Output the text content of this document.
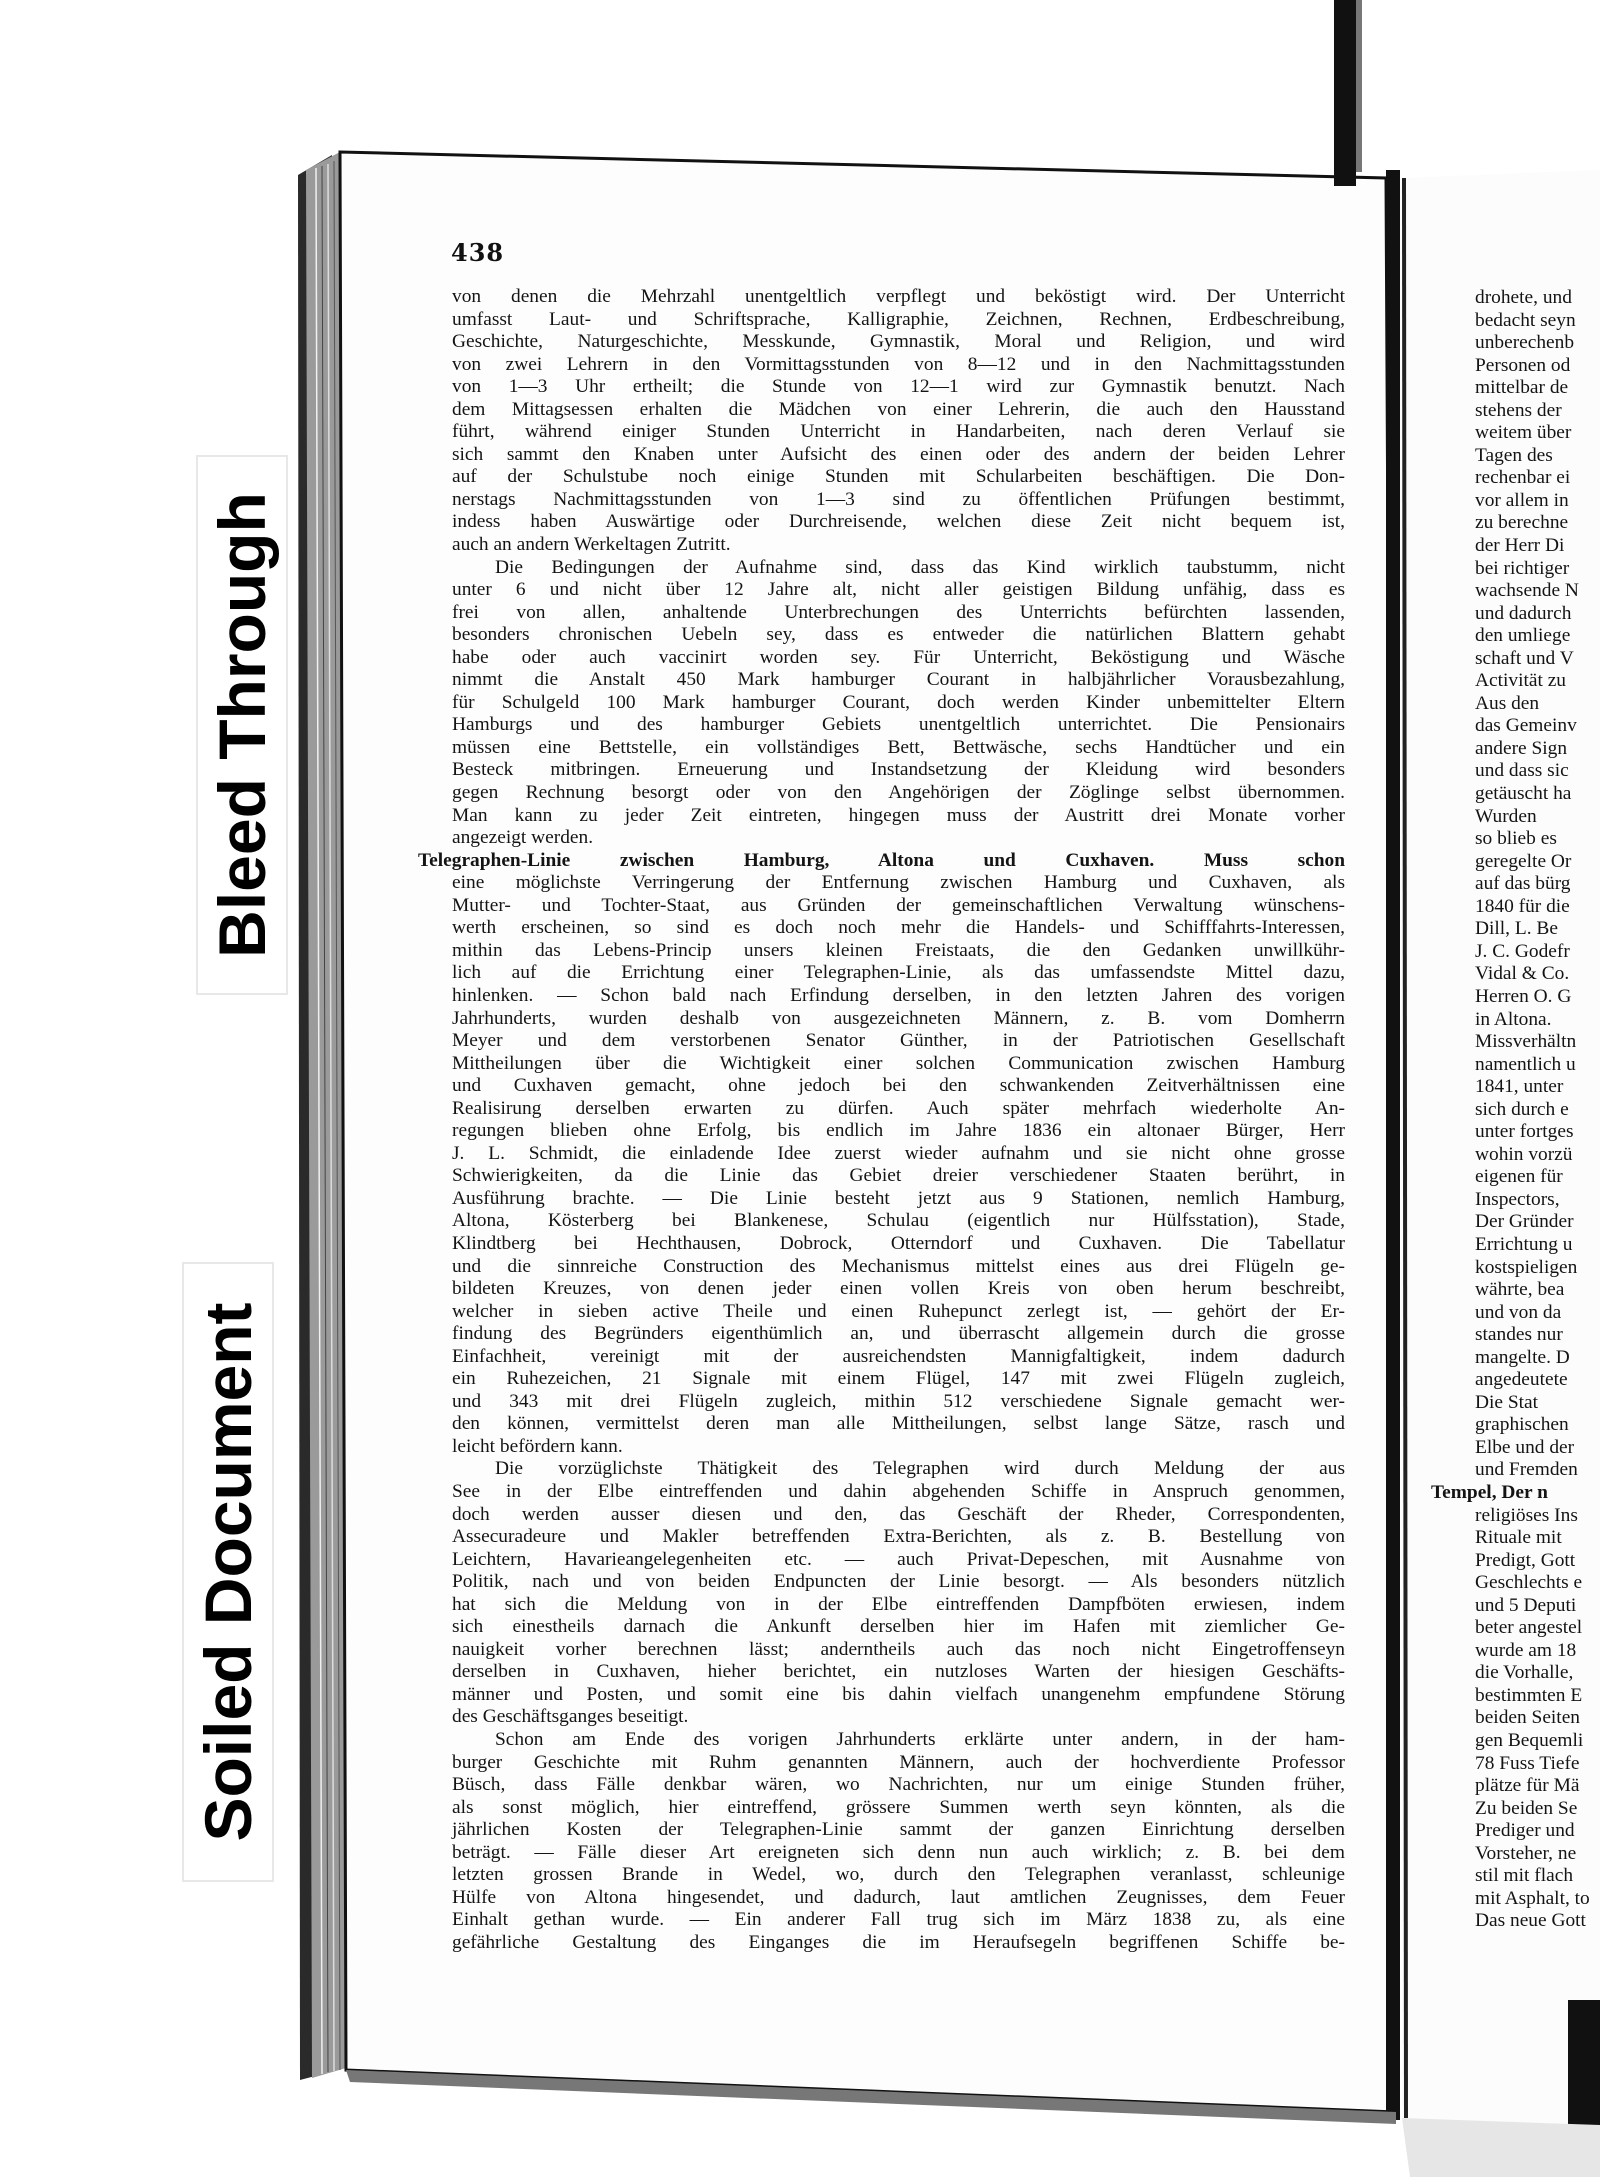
Bleed Through
Soiled Document
438
von denen die Mehrzahl unentgeltlich verpflegt und beköstigt wird. Der Unterricht
umfasst Laut- und Schriftsprache, Kalligraphie, Zeichnen, Rechnen, Erdbeschreibung,
Geschichte, Naturgeschichte, Messkunde, Gymnastik, Moral und Religion, und wird
von zwei Lehrern in den Vormittagsstunden von 8—12 und in den Nachmittagsstunden
von 1—3 Uhr ertheilt; die Stunde von 12—1 wird zur Gymnastik benutzt. Nach
dem Mittagsessen erhalten die Mädchen von einer Lehrerin, die auch den Hausstand
führt, während einiger Stunden Unterricht in Handarbeiten, nach deren Verlauf sie
sich sammt den Knaben unter Aufsicht des einen oder des andern der beiden Lehrer
auf der Schulstube noch einige Stunden mit Schularbeiten beschäftigen. Die Don-
nerstags Nachmittagsstunden von 1—3 sind zu öffentlichen Prüfungen bestimmt,
indess haben Auswärtige oder Durchreisende, welchen diese Zeit nicht bequem ist,
auch an andern Werkeltagen Zutritt.
Die Bedingungen der Aufnahme sind, dass das Kind wirklich taubstumm, nicht
unter 6 und nicht über 12 Jahre alt, nicht aller geistigen Bildung unfähig, dass es
frei von allen, anhaltende Unterbrechungen des Unterrichts befürchten lassenden,
besonders chronischen Uebeln sey, dass es entweder die natürlichen Blattern gehabt
habe oder auch vaccinirt worden sey. Für Unterricht, Beköstigung und Wäsche
nimmt die Anstalt 450 Mark hamburger Courant in halbjährlicher Vorausbezahlung,
für Schulgeld 100 Mark hamburger Courant, doch werden Kinder unbemittelter Eltern
Hamburgs und des hamburger Gebiets unentgeltlich unterrichtet. Die Pensionairs
müssen eine Bettstelle, ein vollständiges Bett, Bettwäsche, sechs Handtücher und ein
Besteck mitbringen. Erneuerung und Instandsetzung der Kleidung wird besonders
gegen Rechnung besorgt oder von den Angehörigen der Zöglinge selbst übernommen.
Man kann zu jeder Zeit eintreten, hingegen muss der Austritt drei Monate vorher
angezeigt werden.
Telegraphen-Linie zwischen Hamburg, Altona und Cuxhaven. Muss schon
eine möglichste Verringerung der Entfernung zwischen Hamburg und Cuxhaven, als
Mutter- und Tochter-Staat, aus Gründen der gemeinschaftlichen Verwaltung wünschens-
werth erscheinen, so sind es doch noch mehr die Handels- und Schifffahrts-Interessen,
mithin das Lebens-Princip unsers kleinen Freistaats, die den Gedanken unwillkühr-
lich auf die Errichtung einer Telegraphen-Linie, als das umfassendste Mittel dazu,
hinlenken. — Schon bald nach Erfindung derselben, in den letzten Jahren des vorigen
Jahrhunderts, wurden deshalb von ausgezeichneten Männern, z. B. vom Domherrn
Meyer und dem verstorbenen Senator Günther, in der Patriotischen Gesellschaft
Mittheilungen über die Wichtigkeit einer solchen Communication zwischen Hamburg
und Cuxhaven gemacht, ohne jedoch bei den schwankenden Zeitverhältnissen eine
Realisirung derselben erwarten zu dürfen. Auch später mehrfach wiederholte An-
regungen blieben ohne Erfolg, bis endlich im Jahre 1836 ein altonaer Bürger, Herr
J. L. Schmidt, die einladende Idee zuerst wieder aufnahm und sie nicht ohne grosse
Schwierigkeiten, da die Linie das Gebiet dreier verschiedener Staaten berührt, in
Ausführung brachte. — Die Linie besteht jetzt aus 9 Stationen, nemlich Hamburg,
Altona, Kösterberg bei Blankenese, Schulau (eigentlich nur Hülfsstation), Stade,
Klindtberg bei Hechthausen, Dobrock, Otterndorf und Cuxhaven. Die Tabellatur
und die sinnreiche Construction des Mechanismus mittelst eines aus drei Flügeln ge-
bildeten Kreuzes, von denen jeder einen vollen Kreis von oben herum beschreibt,
welcher in sieben active Theile und einen Ruhepunct zerlegt ist, — gehört der Er-
findung des Begründers eigenthümlich an, und überrascht allgemein durch die grosse
Einfachheit, vereinigt mit der ausreichendsten Mannigfaltigkeit, indem dadurch
ein Ruhezeichen, 21 Signale mit einem Flügel, 147 mit zwei Flügeln zugleich,
und 343 mit drei Flügeln zugleich, mithin 512 verschiedene Signale gemacht wer-
den können, vermittelst deren man alle Mittheilungen, selbst lange Sätze, rasch und
leicht befördern kann.
Die vorzüglichste Thätigkeit des Telegraphen wird durch Meldung der aus
See in der Elbe eintreffenden und dahin abgehenden Schiffe in Anspruch genommen,
doch werden ausser diesen und den, das Geschäft der Rheder, Correspondenten,
Assecuradeure und Makler betreffenden Extra-Berichten, als z. B. Bestellung von
Leichtern, Havarieangelegenheiten etc. — auch Privat-Depeschen, mit Ausnahme von
Politik, nach und von beiden Endpuncten der Linie besorgt. — Als besonders nützlich
hat sich die Meldung von in der Elbe eintreffenden Dampfböten erwiesen, indem
sich einestheils darnach die Ankunft derselben hier im Hafen mit ziemlicher Ge-
nauigkeit vorher berechnen lässt; anderntheils auch das noch nicht Eingetroffenseyn
derselben in Cuxhaven, hieher berichtet, ein nutzloses Warten der hiesigen Geschäfts-
männer und Posten, und somit eine bis dahin vielfach unangenehm empfundene Störung
des Geschäftsganges beseitigt.
Schon am Ende des vorigen Jahrhunderts erklärte unter andern, in der ham-
burger Geschichte mit Ruhm genannten Männern, auch der hochverdiente Professor
Büsch, dass Fälle denkbar wären, wo Nachrichten, nur um einige Stunden früher,
als sonst möglich, hier eintreffend, grössere Summen werth seyn könnten, als die
jährlichen Kosten der Telegraphen-Linie sammt der ganzen Einrichtung derselben
beträgt. — Fälle dieser Art ereigneten sich denn nun auch wirklich; z. B. bei dem
letzten grossen Brande in Wedel, wo, durch den Telegraphen veranlasst, schleunige
Hülfe von Altona hingesendet, und dadurch, laut amtlichen Zeugnisses, dem Feuer
Einhalt gethan wurde. — Ein anderer Fall trug sich im März 1838 zu, als eine
gefährliche Gestaltung des Einganges die im Heraufsegeln begriffenen Schiffe be-
drohete, und
bedacht seyn
unberechenb
Personen od
mittelbar de
stehens der
weitem über
Tagen des
rechenbar ei
vor allem in
zu berechne
der Herr Di
bei richtiger
wachsende N
und dadurch
den umliege
schaft und V
Activität zu
Aus den
das Gemeinv
andere Sign
und dass sic
getäuscht ha
Wurden
so blieb es
geregelte Or
auf das bürg
1840 für die
Dill, L. Be
J. C. Godefr
Vidal & Co.
Herren O. G
in Altona.
Missverhältn
namentlich u
1841, unter
sich durch e
unter fortges
wohin vorzü
eigenen für
Inspectors,
Der Gründer
Errichtung u
kostspieligen
währte, bea
und von da
standes nur
mangelte. D
angedeutete
Die Stat
graphischen
Elbe und der
und Fremden
Tempel, Der n
religiöses Ins
Rituale mit
Predigt, Gott
Geschlechts e
und 5 Deputi
beter angestel
wurde am 18
die Vorhalle,
bestimmten E
beiden Seiten
gen Bequemli
78 Fuss Tiefe
plätze für Mä
Zu beiden Se
Prediger und
Vorsteher, ne
stil mit flach
mit Asphalt, to
Das neue Gott
